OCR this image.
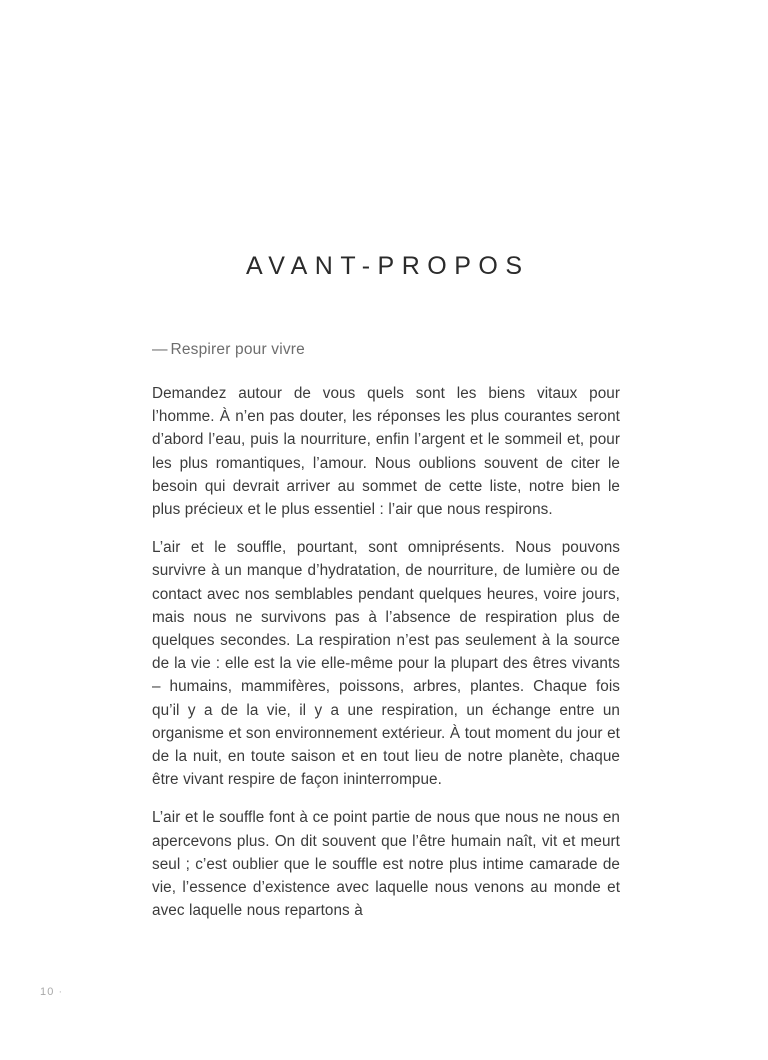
AVANT-PROPOS

— Respirer pour vivre

Demandez autour de vous quels sont les biens vitaux pour l’homme. À n’en pas douter, les réponses les plus courantes seront d’abord l’eau, puis la nourriture, enfin l’argent et le sommeil et, pour les plus romantiques, l’amour. Nous oublions souvent de citer le besoin qui devrait arriver au sommet de cette liste, notre bien le plus précieux et le plus essentiel : l’air que nous respirons.

L’air et le souffle, pourtant, sont omniprésents. Nous pouvons survivre à un manque d’hydratation, de nourriture, de lumière ou de contact avec nos semblables pendant quelques heures, voire jours, mais nous ne survivons pas à l’absence de respiration plus de quelques secondes. La respiration n’est pas seulement à la source de la vie : elle est la vie elle-même pour la plupart des êtres vivants – humains, mammifères, poissons, arbres, plantes. Chaque fois qu’il y a de la vie, il y a une respiration, un échange entre un organisme et son environnement extérieur. À tout moment du jour et de la nuit, en toute saison et en tout lieu de notre planète, chaque être vivant respire de façon ininterrompue.

L’air et le souffle font à ce point partie de nous que nous ne nous en apercevons plus. On dit souvent que l’être humain naît, vit et meurt seul ; c’est oublier que le souffle est notre plus intime camarade de vie, l’essence d’existence avec laquelle nous venons au monde et avec laquelle nous repartons à

10 ·
